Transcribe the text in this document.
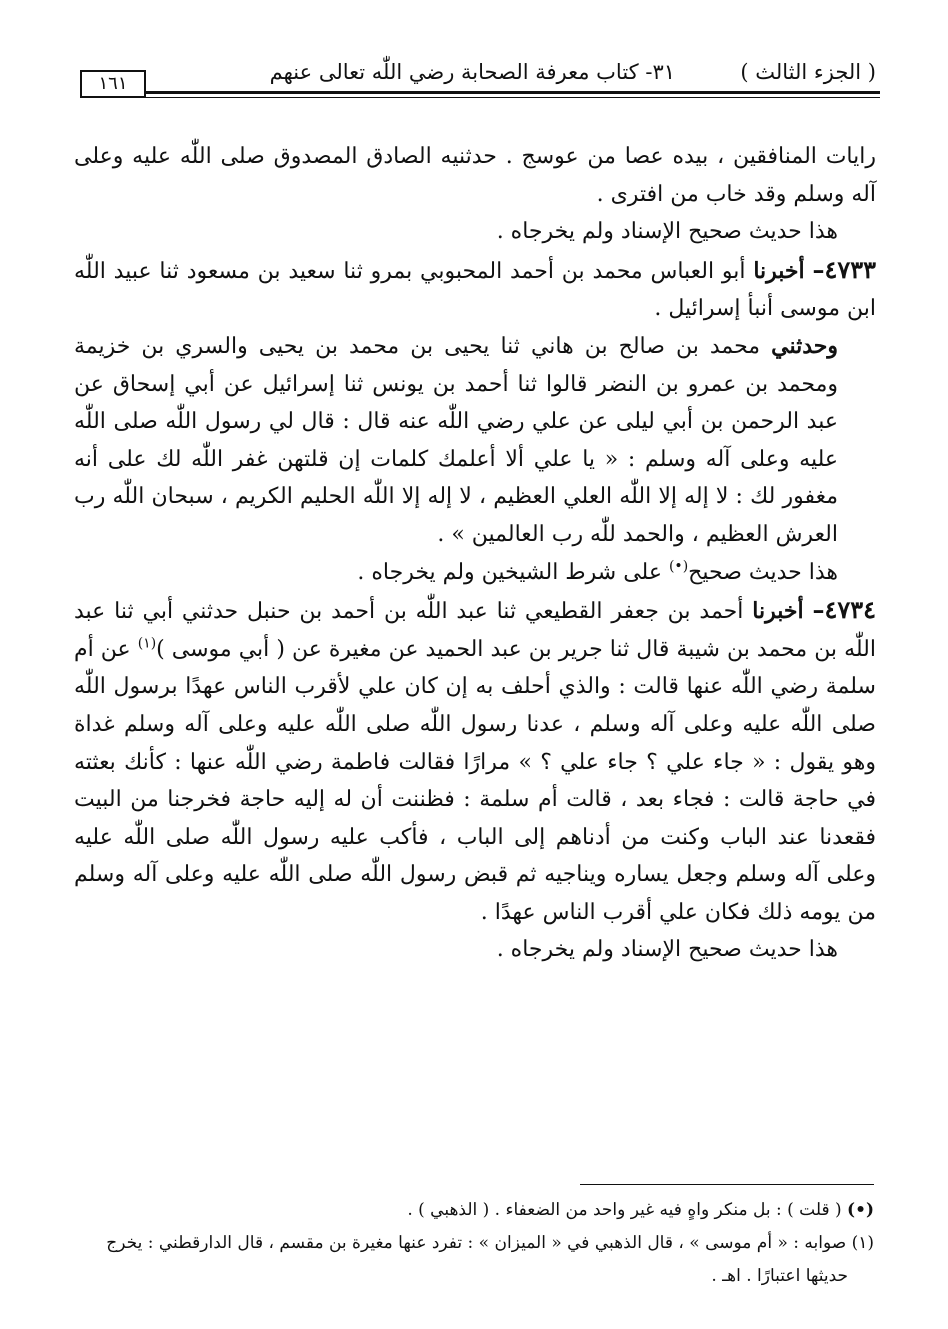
( الجزء الثالث )
٣١- كتاب معرفة الصحابة رضي اللّٰه تعالى عنهم
١٦١

رايات المنافقين ، بيده عصا من عوسج . حدثنيه الصادق المصدوق صلى اللّٰه عليه وعلى آله وسلم وقد خاب من افترى .

هذا حديث صحيح الإسناد ولم يخرجاه .

٤٧٣٣– أخبرنا أبو العباس محمد بن أحمد المحبوبي بمرو ثنا سعيد بن مسعود ثنا عبيد اللّٰه ابن موسى أنبأ إسرائيل .

وحدثني محمد بن صالح بن هاني ثنا يحيى بن محمد بن يحيى والسري بن خزيمة ومحمد بن عمرو بن النضر قالوا ثنا أحمد بن يونس ثنا إسرائيل عن أبي إسحاق عن عبد الرحمن بن أبي ليلى عن علي رضي اللّٰه عنه قال : قال لي رسول اللّٰه صلى اللّٰه عليه وعلى آله وسلم : « يا علي ألا أعلمك كلمات إن قلتهن غفر اللّٰه لك على أنه مغفور لك : لا إله إلا اللّٰه العلي العظيم ، لا إله إلا اللّٰه الحليم الكريم ، سبحان اللّٰه رب العرش العظيم ، والحمد للّٰه رب العالمين » .

هذا حديث صحيح(•) على شرط الشيخين ولم يخرجاه .

٤٧٣٤– أخبرنا أحمد بن جعفر القطيعي ثنا عبد اللّٰه بن أحمد بن حنبل حدثني أبي ثنا عبد اللّٰه بن محمد بن شيبة قال ثنا جرير بن عبد الحميد عن مغيرة عن ( أبي موسى )$^{(١)}$ عن أم سلمة رضي اللّٰه عنها قالت : والذي أحلف به إن كان علي لأقرب الناس عهدًا برسول اللّٰه صلى اللّٰه عليه وعلى آله وسلم ، عدنا رسول اللّٰه صلى اللّٰه عليه وعلى آله وسلم غداة وهو يقول : « جاء علي ؟ جاء علي ؟ » مرارًا فقالت فاطمة رضي اللّٰه عنها : كأنك بعثته في حاجة قالت : فجاء بعد ، قالت أم سلمة : فظننت أن له إليه حاجة فخرجنا من البيت فقعدنا عند الباب وكنت من أدناهم إلى الباب ، فأكب عليه رسول اللّٰه صلى اللّٰه عليه وعلى آله وسلم وجعل يساره ويناجيه ثم قبض رسول اللّٰه صلى اللّٰه عليه وعلى آله وسلم من يومه ذلك فكان علي أقرب الناس عهدًا .

هذا حديث صحيح الإسناد ولم يخرجاه .

(•) ( قلت ) : بل منكر واهٍ فيه غير واحد من الضعفاء . ( الذهبي ) .

(١) صوابه : « أم موسى » ، قال الذهبي في « الميزان » : تفرد عنها مغيرة بن مقسم ، قال الدارقطني : يخرج

حديثها اعتبارًا . اهـ .
